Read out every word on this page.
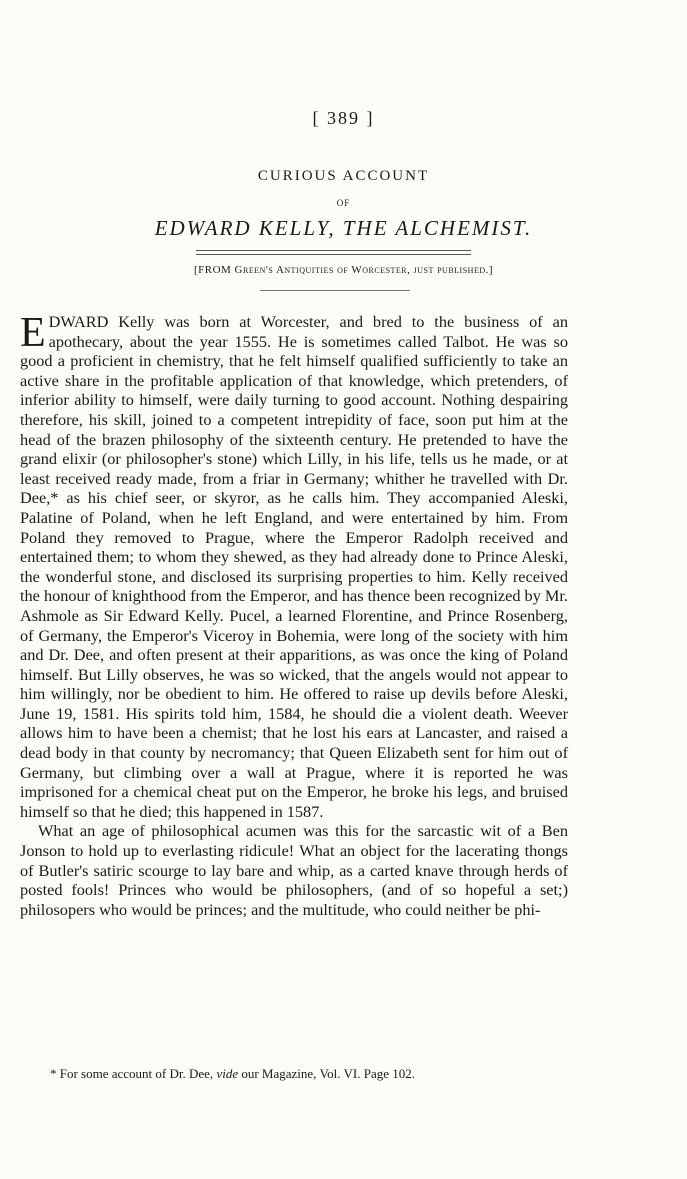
[ 389 ]
CURIOUS ACCOUNT
OF
EDWARD KELLY, THE ALCHEMIST.
[FROM Green's Antiquities of Worcester, just published.]

EDWARD Kelly was born at Worcester, and bred to the business of an apothecary, about the year 1555. He is sometimes called Talbot. He was so good a proficient in chemistry, that he felt himself qualified sufficiently to take an active share in the profitable application of that knowledge, which pretenders, of inferior ability to himself, were daily turning to good account. Nothing despairing therefore, his skill, joined to a competent intrepidity of face, soon put him at the head of the brazen philosophy of the sixteenth century. He pretended to have the grand elixir (or philosopher's stone) which Lilly, in his life, tells us he made, or at least received ready made, from a friar in Germany; whither he travelled with Dr. Dee,* as his chief seer, or skyror, as he calls him. They accompanied Aleski, Palatine of Poland, when he left England, and were entertained by him. From Poland they removed to Prague, where the Emperor Radolph received and entertained them; to whom they shewed, as they had already done to Prince Aleski, the wonderful stone, and disclosed its surprising properties to him. Kelly received the honour of knighthood from the Emperor, and has thence been recognized by Mr. Ashmole as Sir Edward Kelly. Pucel, a learned Florentine, and Prince Rosenberg, of Germany, the Emperor's Viceroy in Bohemia, were long of the society with him and Dr. Dee, and often present at their apparitions, as was once the king of Poland himself. But Lilly observes, he was so wicked, that the angels would not appear to him willingly, nor be obedient to him. He offered to raise up devils before Aleski, June 19, 1581. His spirits told him, 1584, he should die a violent death. Weever allows him to have been a chemist; that he lost his ears at Lancaster, and raised a dead body in that county by necromancy; that Queen Elizabeth sent for him out of Germany, but climbing over a wall at Prague, where it is reported he was imprisoned for a chemical cheat put on the Emperor, he broke his legs, and bruised himself so that he died; this happened in 1587.

What an age of philosophical acumen was this for the sarcastic wit of a Ben Jonson to hold up to everlasting ridicule! What an object for the lacerating thongs of Butler's satiric scourge to lay bare and whip, as a carted knave through herds of posted fools! Princes who would be philosophers, (and of so hopeful a set;) philosopers who would be princes; and the multitude, who could neither be phi-

* For some account of Dr. Dee, vide our Magazine, Vol. VI. Page 102.
